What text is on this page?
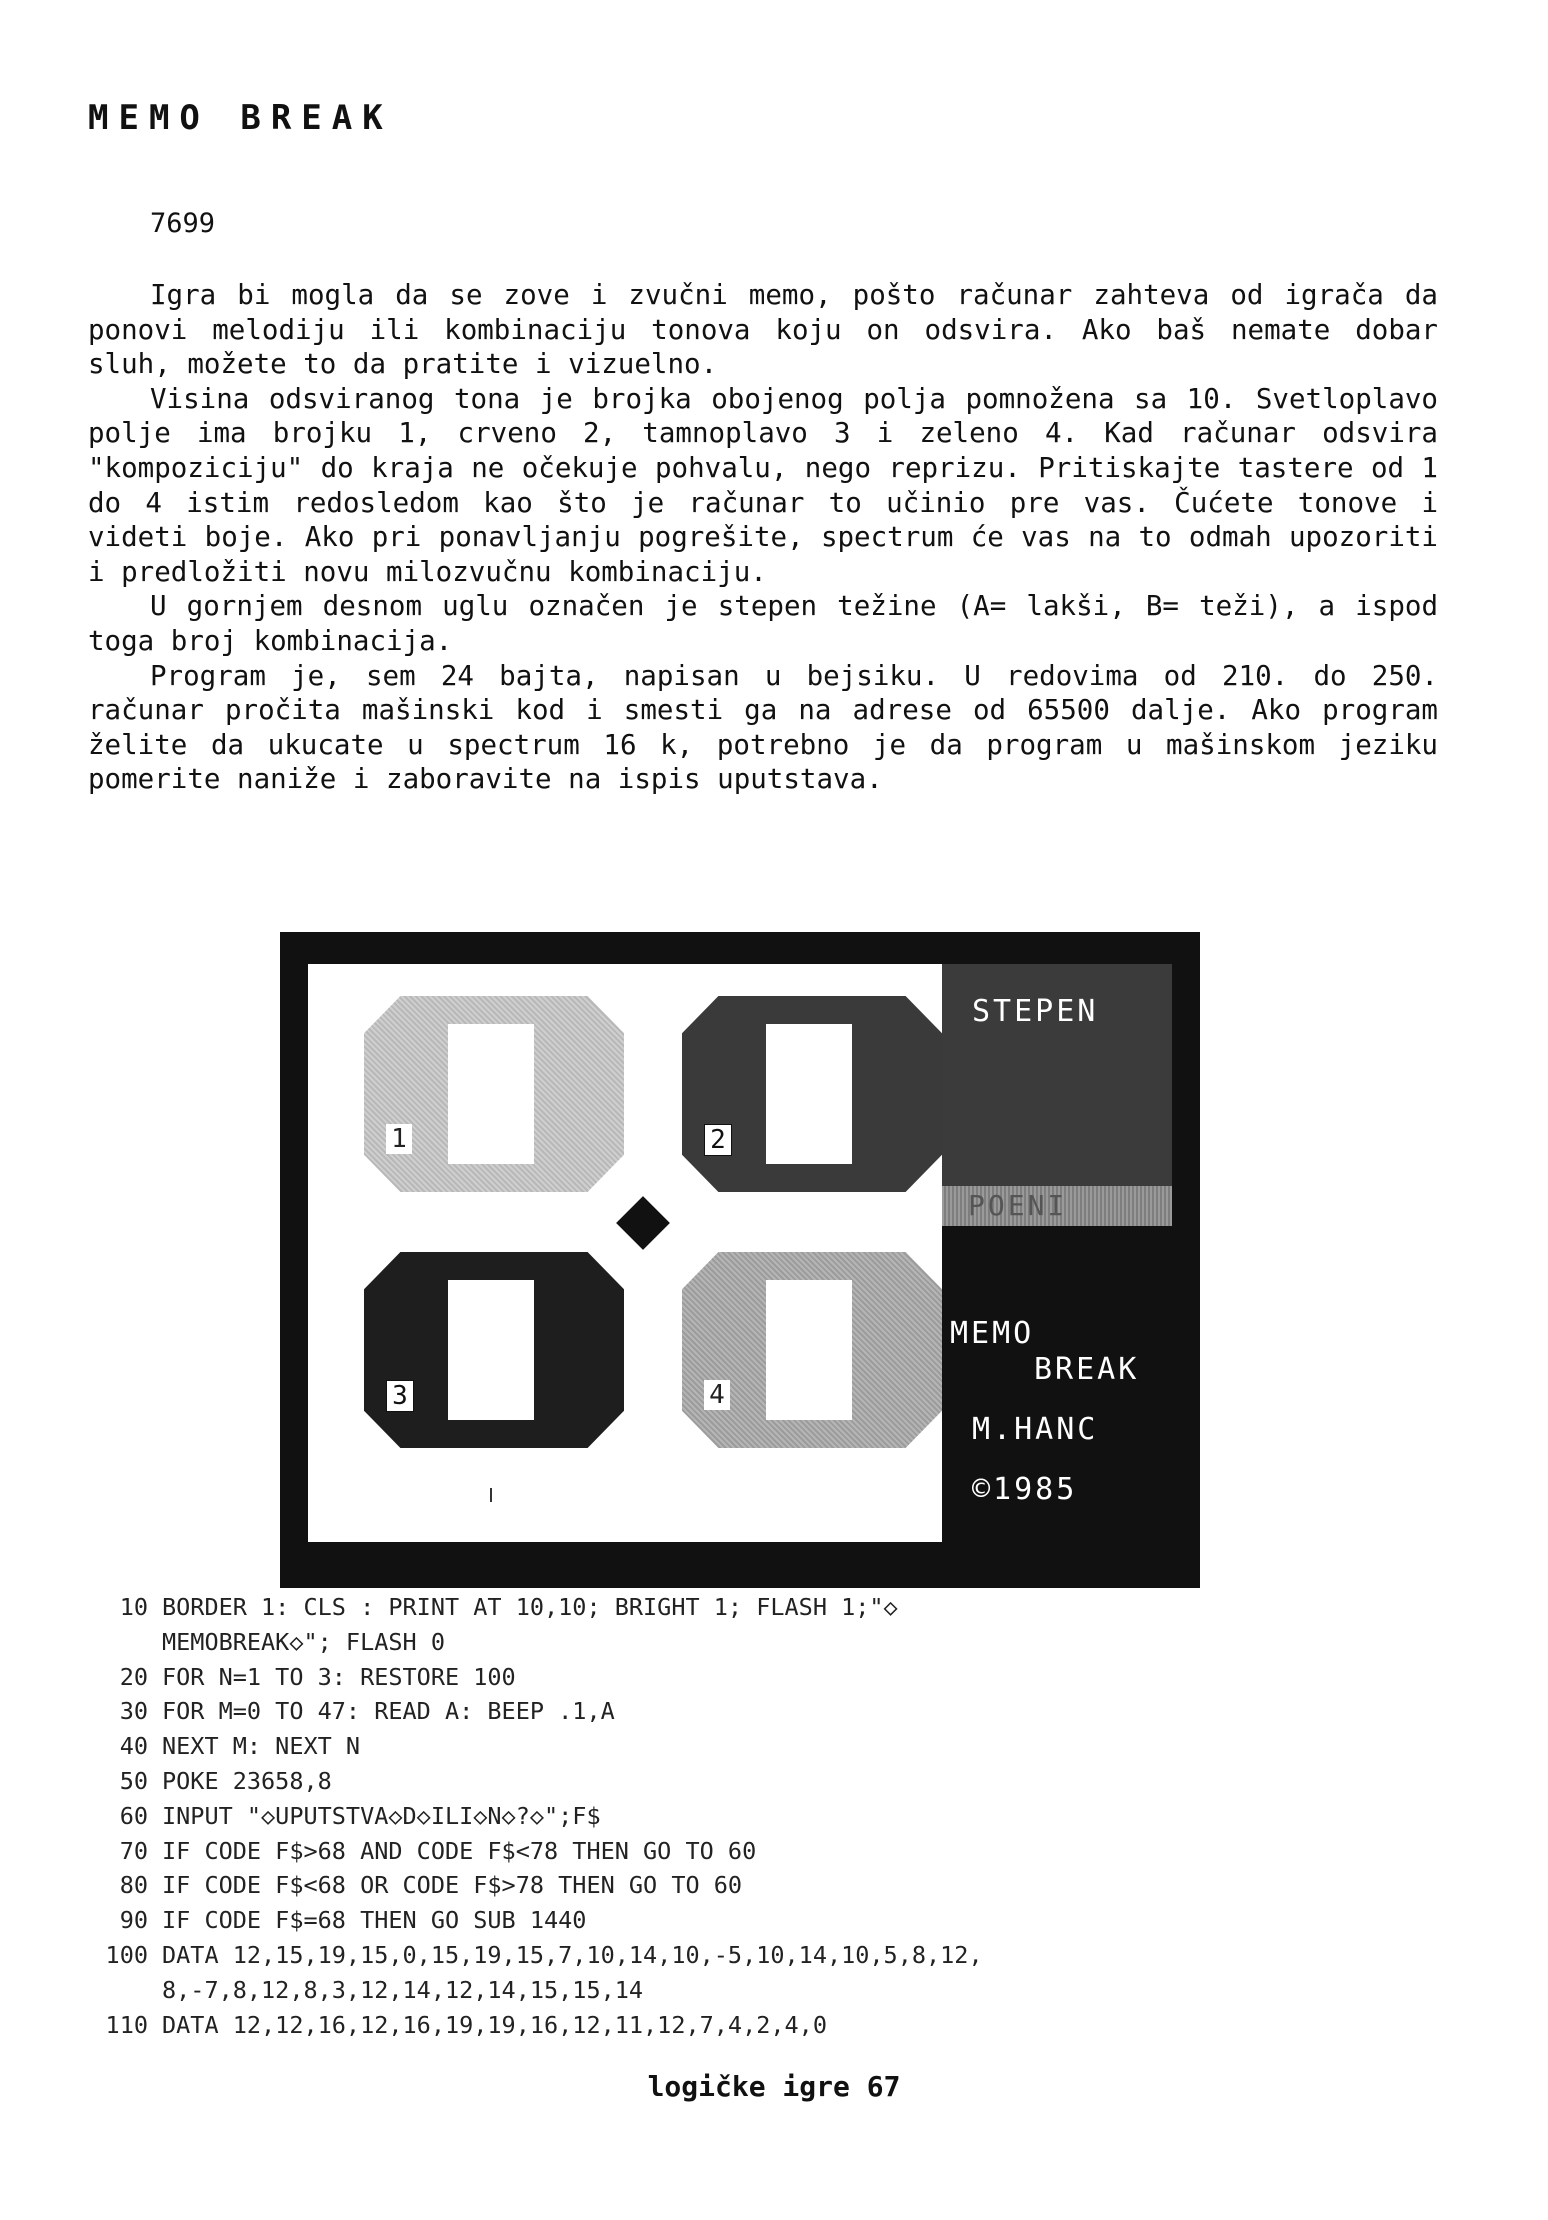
MEMO BREAK
7699

Igra bi mogla da se zove i zvučni memo, pošto računar zahteva od igrača da ponovi melodiju ili kombinaciju tonova koju on odsvira. Ako baš nemate dobar sluh, možete to da pratite i vizuelno.

Visina odsviranog tona je brojka obojenog polja pomnožena sa 10. Svetloplavo polje ima brojku 1, crveno 2, tamnoplavo 3 i zeleno 4. Kad računar odsvira "kompoziciju" do kraja ne očekuje pohvalu, nego reprizu. Pritiskajte tastere od 1 do 4 istim redosledom kao što je računar to učinio pre vas. Čućete tonove i videti boje. Ako pri ponavljanju pogrešite, spectrum će vas na to odmah upozoriti i predložiti novu milozvučnu kombinaciju.

U gornjem desnom uglu označen je stepen težine (A= lakši, B= teži), a ispod toga broj kombinacija.

Program je, sem 24 bajta, napisan u bejsiku. U redovima od 210. do 250. računar pročita mašinski kod i smesti ga na adrese od 65500 dalje. Ako program želite da ukucate u spectrum 16 k, potrebno je da program u mašinskom jeziku pomerite naniže i zaboravite na ispis uputstava.

1	2
3	4
STEPEN
POENI
MEMO
BREAK
M.HANC
©1985
10 BORDER 1: CLS : PRINT AT 10,10; BRIGHT 1; FLASH 1;"◇
MEMOBREAK◇"; FLASH 0
20 FOR N=1 TO 3: RESTORE 100
30 FOR M=0 TO 47: READ A: BEEP .1,A
40 NEXT M: NEXT N
50 POKE 23658,8
60 INPUT "◇UPUTSTVA◇D◇ILI◇N◇?◇";F$
70 IF CODE F$>68 AND CODE F$<78 THEN GO TO 60
80 IF CODE F$<68 OR CODE F$>78 THEN GO TO 60
90 IF CODE F$=68 THEN GO SUB 1440
100 DATA 12,15,19,15,0,15,19,15,7,10,14,10,-5,10,14,10,5,8,12,
8,-7,8,12,8,3,12,14,12,14,15,15,14
110 DATA 12,12,16,12,16,19,19,16,12,11,12,7,4,2,4,0
logičke igre 67
